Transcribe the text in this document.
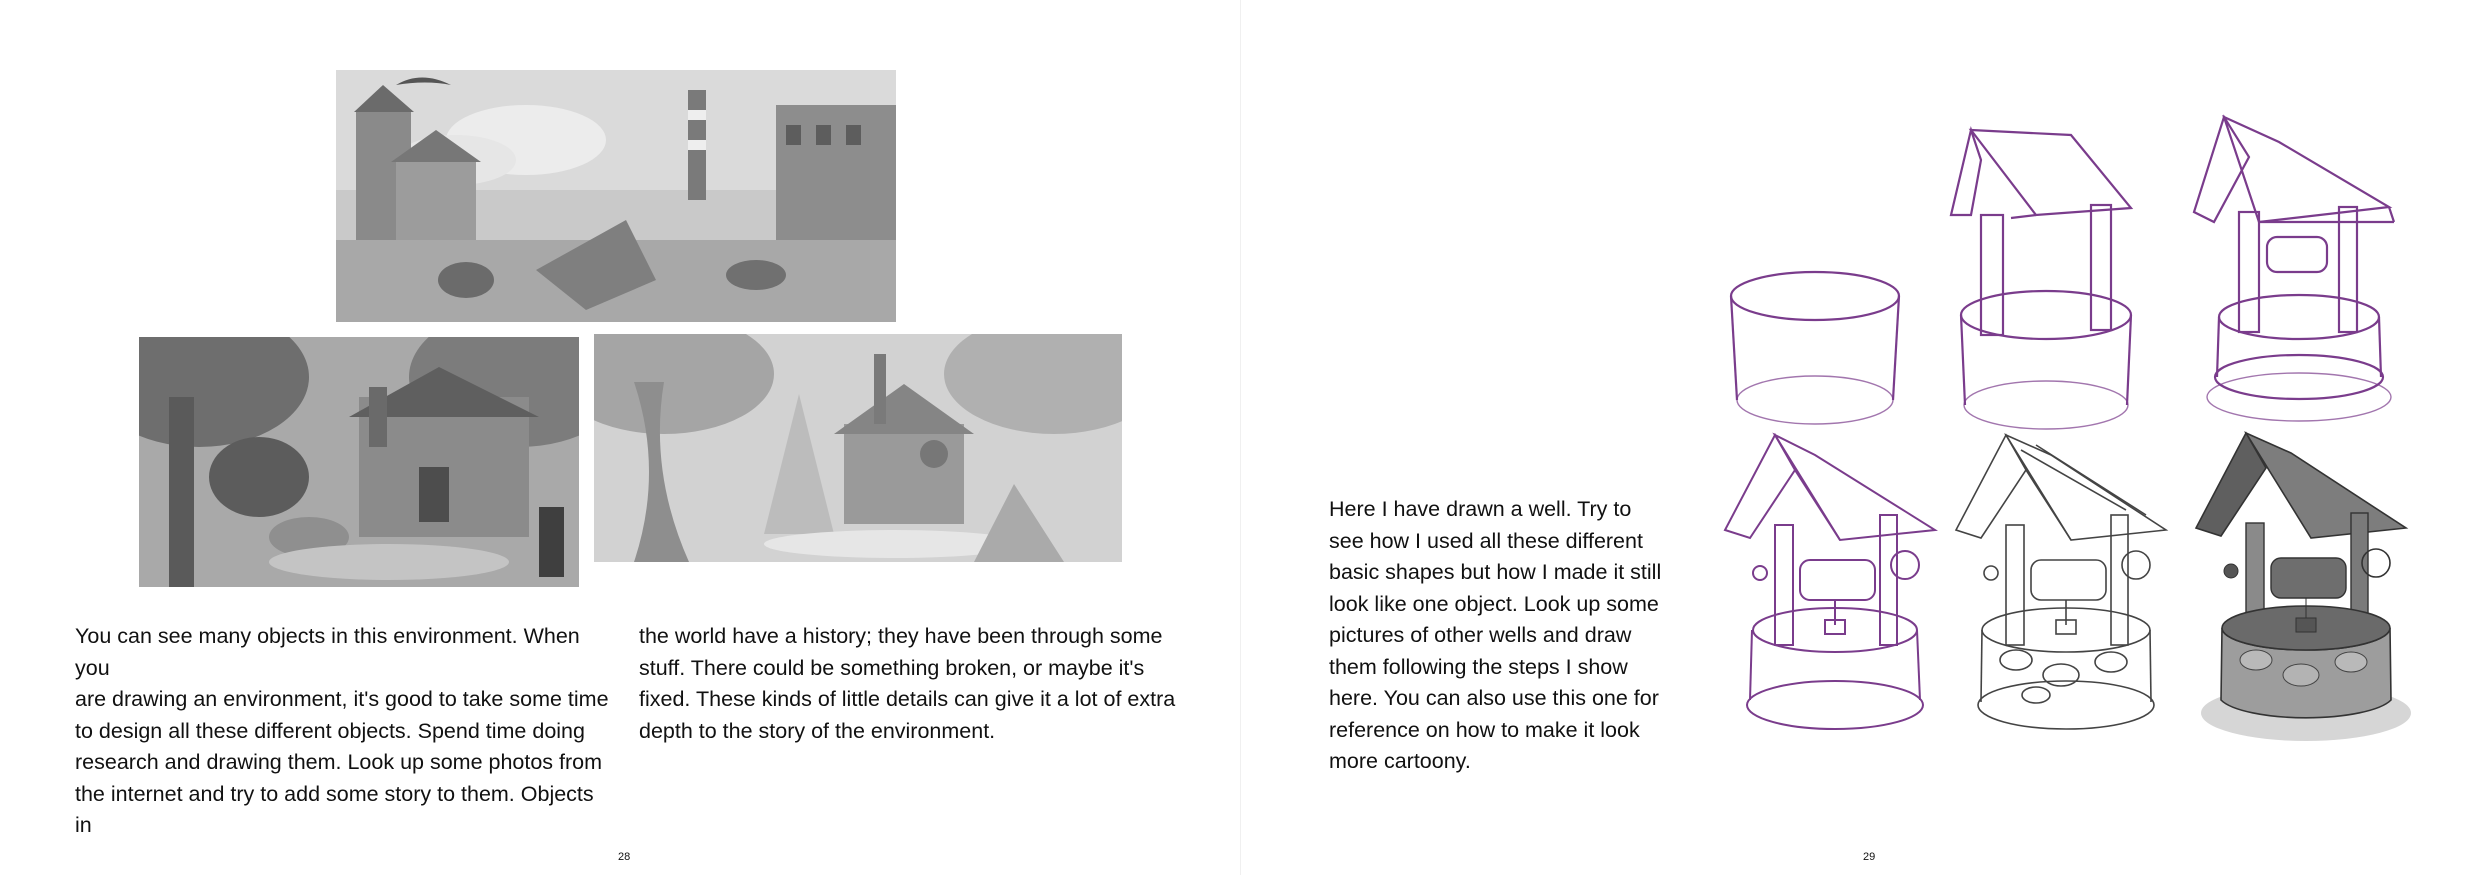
You can see many objects in this environment. When you
are drawing an environment, it's good to take some time
to design all these different objects. Spend time doing
research and drawing them. Look up some photos from
the internet and try to add some story to them. Objects in
the world have a history; they have been through some
stuff. There could be something broken, or maybe it's
fixed. These kinds of little details can give it a lot of extra
depth to the story of the environment.
28
Here I have drawn a well. Try to
see how I used all these different
basic shapes but how I made it still
look like one object. Look up some
pictures of other wells and draw
them following the steps I show
here. You can also use this one for
reference on how to make it look
more cartoony.
29
